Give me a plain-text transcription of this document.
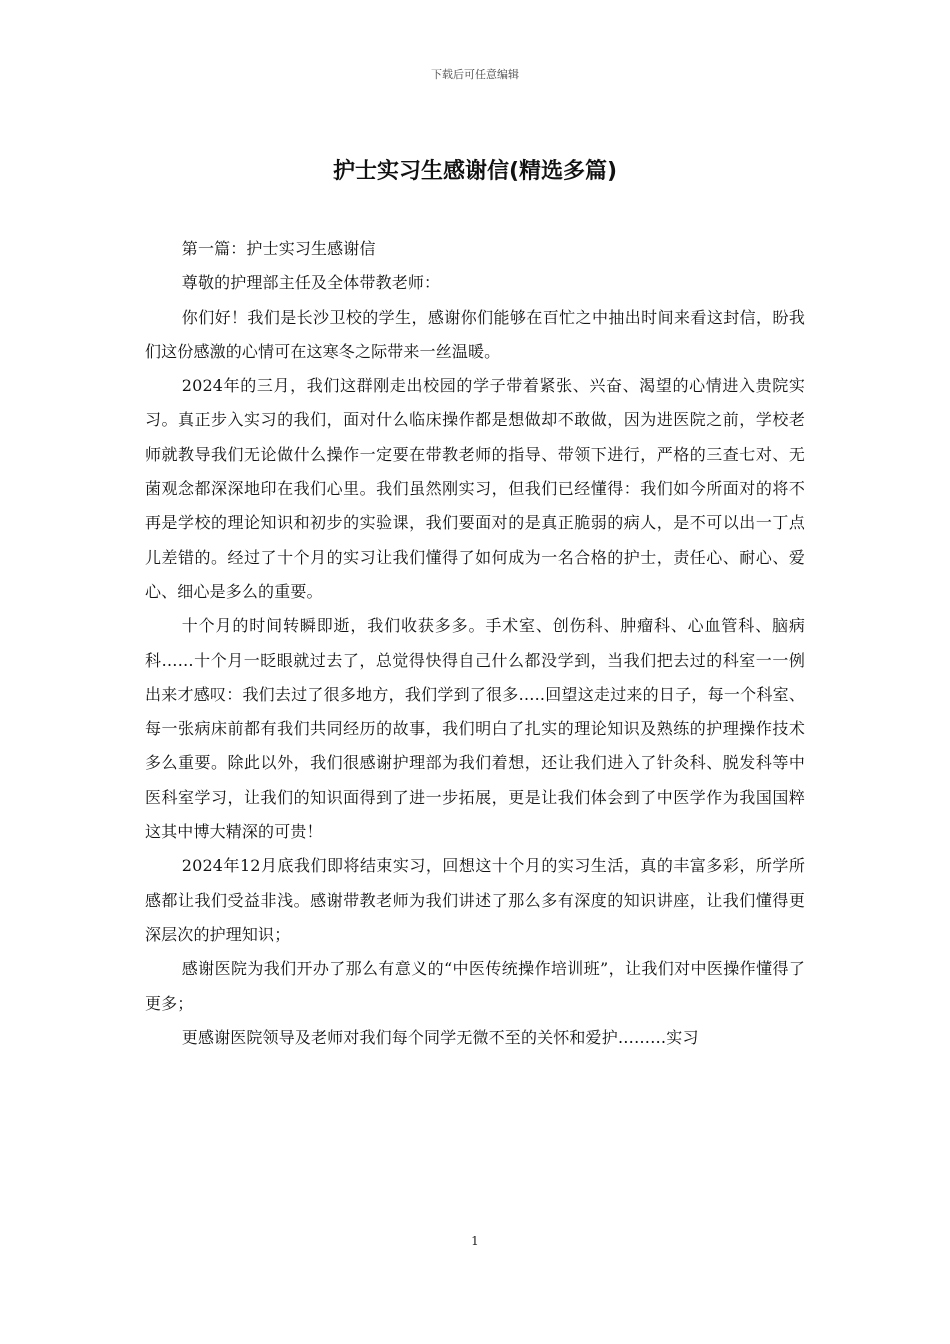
下载后可任意编辑
护士实习生感谢信(精选多篇)

第一篇：护士实习生感谢信

尊敬的护理部主任及全体带教老师：

你们好！我们是长沙卫校的学生，感谢你们能够在百忙之中抽出时间来看这封信，盼我们这份感激的心情可在这寒冬之际带来一丝温暖。

2024年的三月，我们这群刚走出校园的学子带着紧张、兴奋、渴望的心情进入贵院实习。真正步入实习的我们，面对什么临床操作都是想做却不敢做，因为进医院之前，学校老师就教导我们无论做什么操作一定要在带教老师的指导、带领下进行，严格的三查七对、无菌观念都深深地印在我们心里。我们虽然刚实习，但我们已经懂得：我们如今所面对的将不再是学校的理论知识和初步的实验课，我们要面对的是真正脆弱的病人，是不可以出一丁点儿差错的。经过了十个月的实习让我们懂得了如何成为一名合格的护士，责任心、耐心、爱心、细心是多么的重要。

十个月的时间转瞬即逝，我们收获多多。手术室、创伤科、肿瘤科、心血管科、脑病科……十个月一眨眼就过去了，总觉得快得自己什么都没学到，当我们把去过的科室一一例出来才感叹：我们去过了很多地方，我们学到了很多…..回望这走过来的日子，每一个科室、每一张病床前都有我们共同经历的故事，我们明白了扎实的理论知识及熟练的护理操作技术多么重要。除此以外，我们很感谢护理部为我们着想，还让我们进入了针灸科、脱发科等中医科室学习，让我们的知识面得到了进一步拓展，更是让我们体会到了中医学作为我国国粹这其中博大精深的可贵！

2024年12月底我们即将结束实习，回想这十个月的实习生活，真的丰富多彩，所学所感都让我们受益非浅。感谢带教老师为我们讲述了那么多有深度的知识讲座，让我们懂得更深层次的护理知识；

感谢医院为我们开办了那么有意义的“中医传统操作培训班”，让我们对中医操作懂得了更多；

更感谢医院领导及老师对我们每个同学无微不至的关怀和爱护………实习

1
